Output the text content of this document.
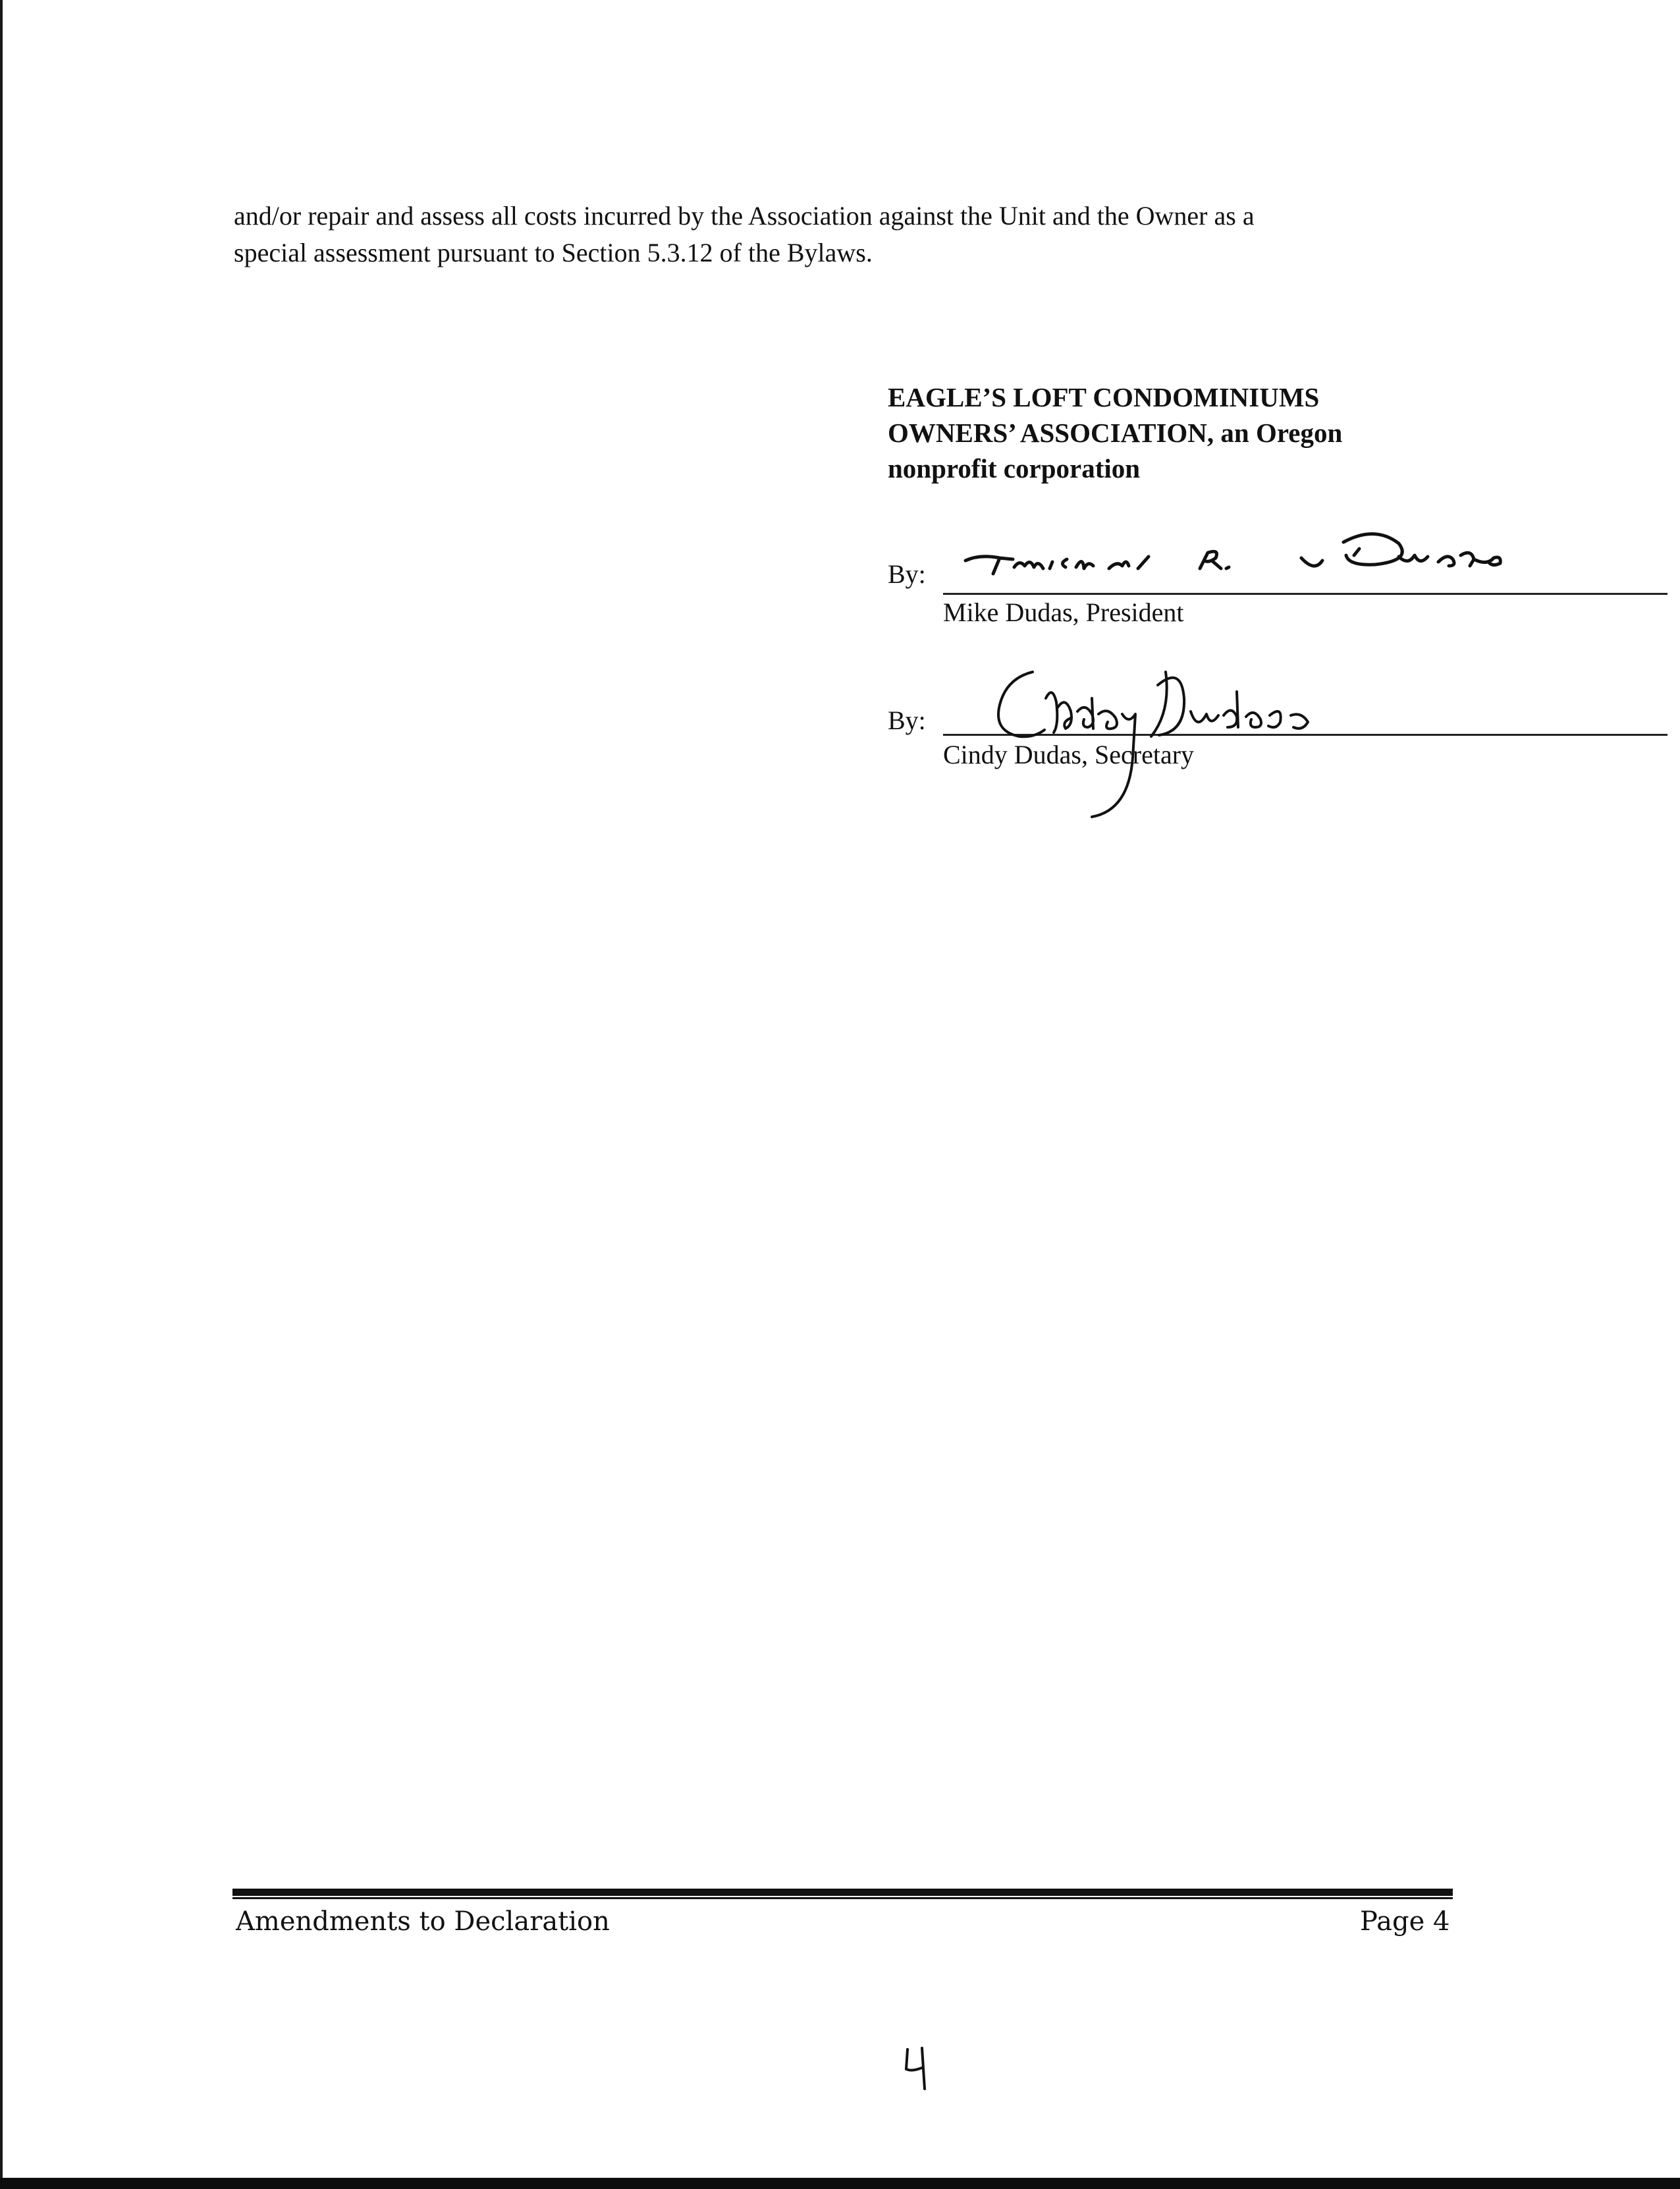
and/or repair and assess all costs incurred by the Association against the Unit and the Owner as a
special assessment pursuant to Section 5.3.12 of the Bylaws.

EAGLE’S LOFT CONDOMINIUMS
OWNERS’ ASSOCIATION, an Oregon
nonprofit corporation
By:
Mike Dudas, President
By:
Cindy Dudas, Secretary
Amendments to Declaration	Page 4
